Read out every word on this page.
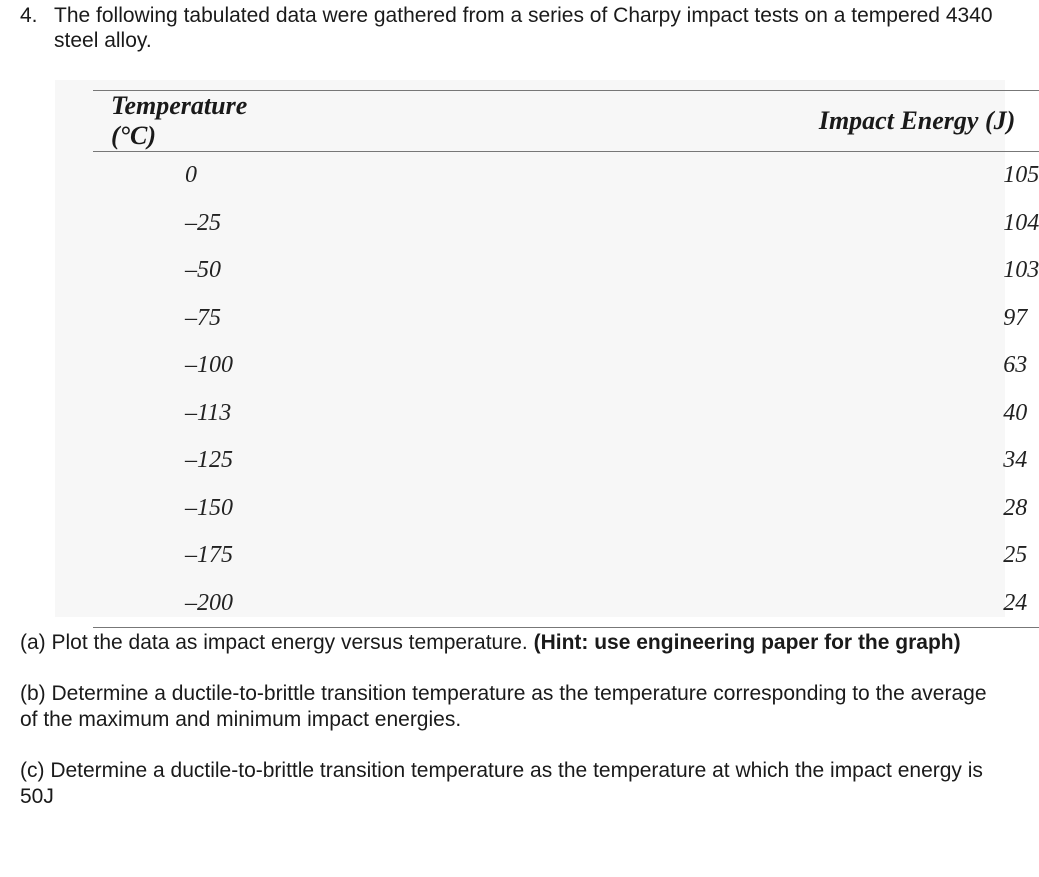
4. The following tabulated data were gathered from a series of Charpy impact tests on a tempered 4340 steel alloy.
Temperature (°C)	Impact Energy (J)
0	105
–25	104
–50	103
–75	97
–100	63
–113	40
–125	34
–150	28
–175	25
–200	24

(a) Plot the data as impact energy versus temperature. (Hint: use engineering paper for the graph)

(b) Determine a ductile-to-brittle transition temperature as the temperature corresponding to the average of the maximum and minimum impact energies.

(c) Determine a ductile-to-brittle transition temperature as the temperature at which the impact energy is 50J
